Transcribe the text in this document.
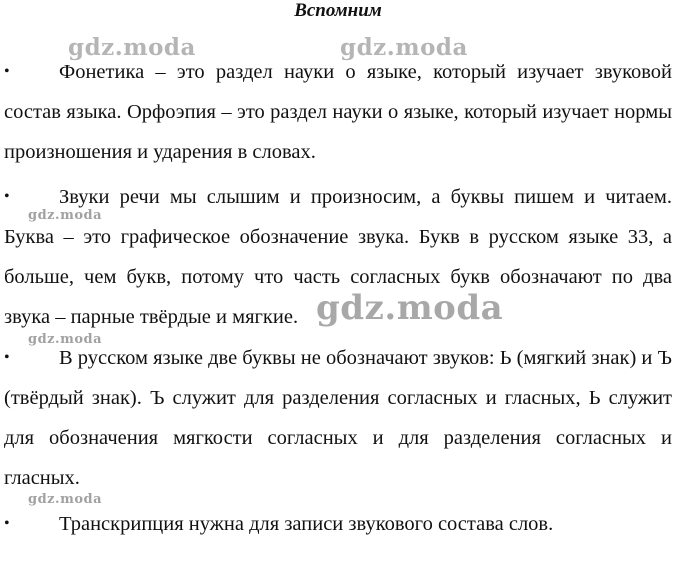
Вспомним
gdz.moda	gdz.moda
gdz.moda
gdz.moda
gdz.moda
gdz.moda

• Фонетика – это раздел науки о языке, который изучает звуковой состав языка. Орфоэпия – это раздел науки о языке, который изучает нормы произношения и ударения в словах.

• Звуки речи мы слышим и произносим, а буквы пишем и читаем. Буква – это графическое обозначение звука. Букв в русском языке 33, а больше, чем букв, потому что часть согласных букв обозначают по два звука – парные твёрдые и мягкие.

• В русском языке две буквы не обозначают звуков: Ь (мягкий знак) и Ъ (твёрдый знак). Ъ служит для разделения согласных и гласных, Ь служит для обозначения мягкости согласных и для разделения согласных и гласных.

• Транскрипция нужна для записи звукового состава слов.
